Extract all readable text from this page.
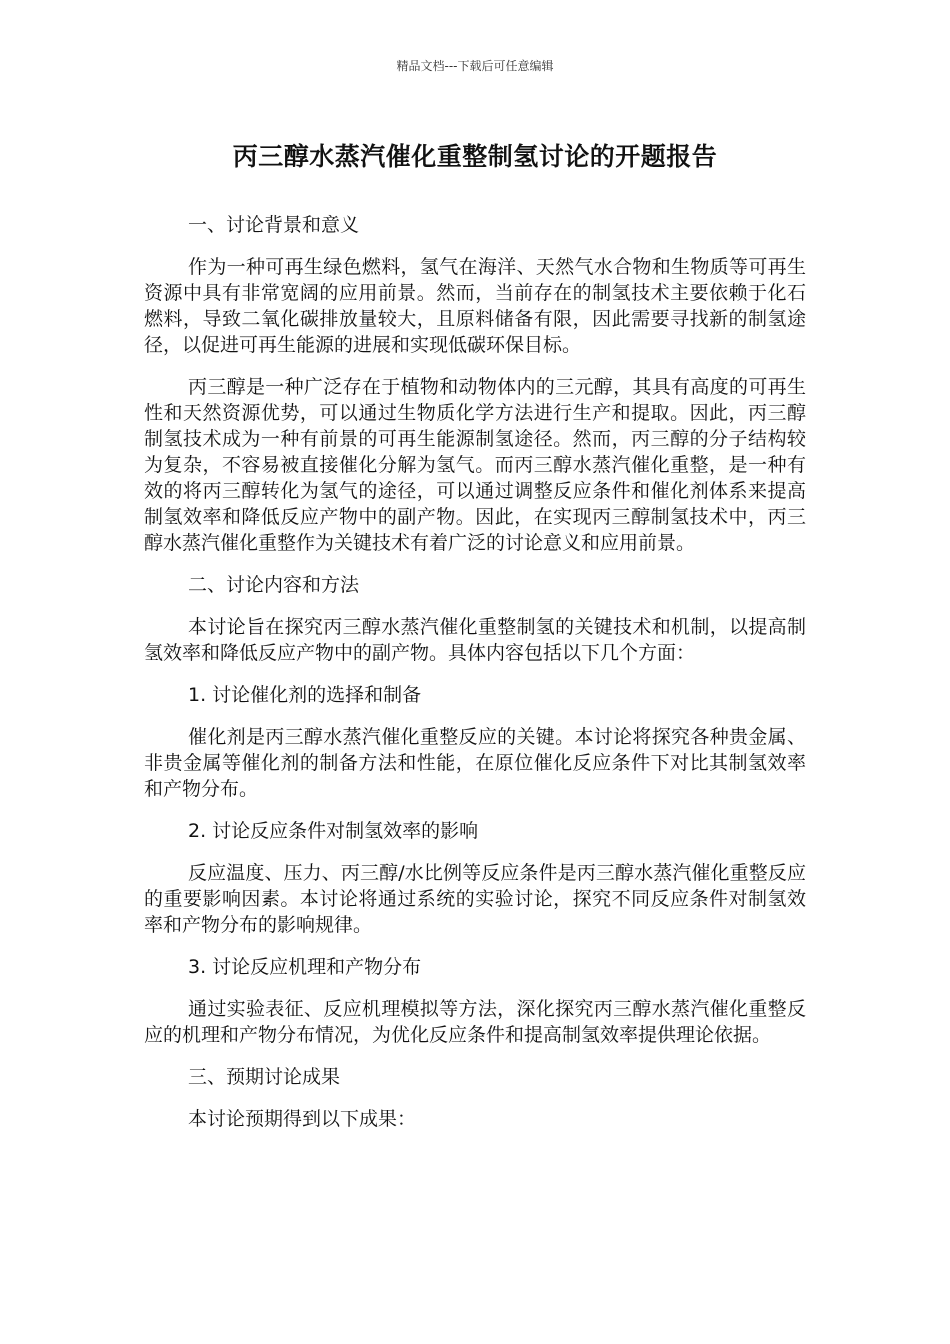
精品文档---下载后可任意编辑
丙三醇水蒸汽催化重整制氢讨论的开题报告
一、讨论背景和意义
作为一种可再生绿色燃料，氢气在海洋、天然气水合物和生物质等可再生资源中具有非常宽阔的应用前景。然而，当前存在的制氢技术主要依赖于化石燃料，导致二氧化碳排放量较大，且原料储备有限，因此需要寻找新的制氢途径，以促进可再生能源的进展和实现低碳环保目标。
丙三醇是一种广泛存在于植物和动物体内的三元醇，其具有高度的可再生性和天然资源优势，可以通过生物质化学方法进行生产和提取。因此，丙三醇制氢技术成为一种有前景的可再生能源制氢途径。然而，丙三醇的分子结构较为复杂，不容易被直接催化分解为氢气。而丙三醇水蒸汽催化重整，是一种有效的将丙三醇转化为氢气的途径，可以通过调整反应条件和催化剂体系来提高制氢效率和降低反应产物中的副产物。因此，在实现丙三醇制氢技术中，丙三醇水蒸汽催化重整作为关键技术有着广泛的讨论意义和应用前景。
二、讨论内容和方法
本讨论旨在探究丙三醇水蒸汽催化重整制氢的关键技术和机制，以提高制氢效率和降低反应产物中的副产物。具体内容包括以下几个方面：
1. 讨论催化剂的选择和制备
催化剂是丙三醇水蒸汽催化重整反应的关键。本讨论将探究各种贵金属、非贵金属等催化剂的制备方法和性能，在原位催化反应条件下对比其制氢效率和产物分布。
2. 讨论反应条件对制氢效率的影响
反应温度、压力、丙三醇/水比例等反应条件是丙三醇水蒸汽催化重整反应的重要影响因素。本讨论将通过系统的实验讨论，探究不同反应条件对制氢效率和产物分布的影响规律。
3. 讨论反应机理和产物分布
通过实验表征、反应机理模拟等方法，深化探究丙三醇水蒸汽催化重整反应的机理和产物分布情况，为优化反应条件和提高制氢效率提供理论依据。
三、预期讨论成果
本讨论预期得到以下成果：
